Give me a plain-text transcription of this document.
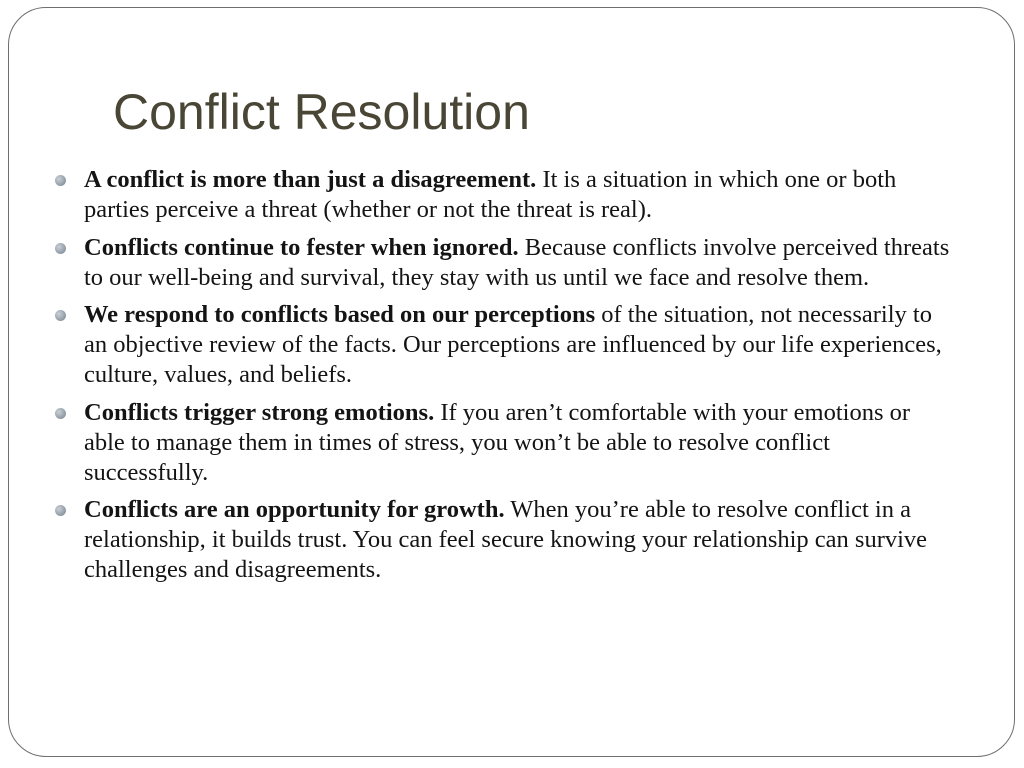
Conflict Resolution
A conflict is more than just a disagreement. It is a situation in which one or both parties perceive a threat (whether or not the threat is real).
Conflicts continue to fester when ignored. Because conflicts involve perceived threats to our well-being and survival, they stay with us until we face and resolve them.
We respond to conflicts based on our perceptions of the situation, not necessarily to an objective review of the facts. Our perceptions are influenced by our life experiences, culture, values, and beliefs.
Conflicts trigger strong emotions. If you aren’t comfortable with your emotions or able to manage them in times of stress, you won’t be able to resolve conflict successfully.
Conflicts are an opportunity for growth. When you’re able to resolve conflict in a relationship, it builds trust. You can feel secure knowing your relationship can survive challenges and disagreements.
